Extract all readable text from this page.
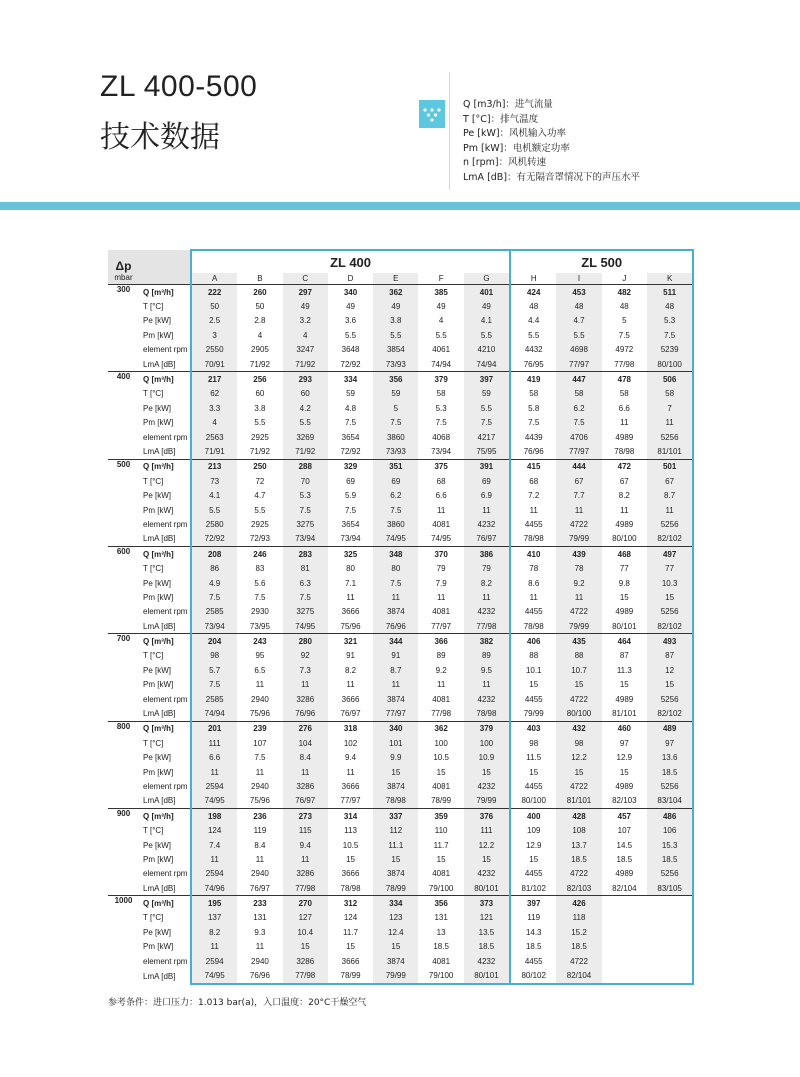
ZL 400-500
技术数据
Q [m3/h]：进气流量
T [°C]：排气温度
Pe [kW]：风机输入功率
Pm [kW]：电机额定功率
n [rpm]：风机转速
LmA [dB]：有无隔音罩情况下的声压水平
Δp		ZL 400							ZL 500			
mbar		A	B	C	D	E	F	G	H	I	J	K
300	Q [m³/h]	222	260	297	340	362	385	401	424	453	482	511
	T [°C]	50	50	49	49	49	49	49	48	48	48	48
	Pe [kW]	2.5	2.8	3.2	3.6	3.8	4	4.1	4.4	4.7	5	5.3
	Pm [kW]	3	4	4	5.5	5.5	5.5	5.5	5.5	5.5	7.5	7.5
	element rpm	2550	2905	3247	3648	3854	4061	4210	4432	4698	4972	5239
	LmA [dB]	70/91	71/92	71/92	72/92	73/93	74/94	74/94	76/95	77/97	77/98	80/100
400	Q [m³/h]	217	256	293	334	356	379	397	419	447	478	506
	T [°C]	62	60	60	59	59	58	59	58	58	58	58
	Pe [kW]	3.3	3.8	4.2	4.8	5	5.3	5.5	5.8	6.2	6.6	7
	Pm [kW]	4	5.5	5.5	7.5	7.5	7.5	7.5	7.5	7.5	11	11
	element rpm	2563	2925	3269	3654	3860	4068	4217	4439	4706	4989	5256
	LmA [dB]	71/91	71/92	71/92	72/92	73/93	73/94	75/95	76/96	77/97	78/98	81/101
500	Q [m³/h]	213	250	288	329	351	375	391	415	444	472	501
	T [°C]	73	72	70	69	69	68	69	68	67	67	67
	Pe [kW]	4.1	4.7	5.3	5.9	6.2	6.6	6.9	7.2	7.7	8.2	8.7
	Pm [kW]	5.5	5.5	7.5	7.5	7.5	11	11	11	11	11	11
	element rpm	2580	2925	3275	3654	3860	4081	4232	4455	4722	4989	5256
	LmA [dB]	72/92	72/93	73/94	73/94	74/95	74/95	76/97	78/98	79/99	80/100	82/102
600	Q [m³/h]	208	246	283	325	348	370	386	410	439	468	497
	T [°C]	86	83	81	80	80	79	79	78	78	77	77
	Pe [kW]	4.9	5.6	6.3	7.1	7.5	7.9	8.2	8.6	9.2	9.8	10.3
	Pm [kW]	7.5	7.5	7.5	11	11	11	11	11	11	15	15
	element rpm	2585	2930	3275	3666	3874	4081	4232	4455	4722	4989	5256
	LmA [dB]	73/94	73/95	74/95	75/96	76/96	77/97	77/98	78/98	79/99	80/101	82/102
700	Q [m³/h]	204	243	280	321	344	366	382	406	435	464	493
	T [°C]	98	95	92	91	91	89	89	88	88	87	87
	Pe [kW]	5.7	6.5	7.3	8.2	8.7	9.2	9.5	10.1	10.7	11.3	12
	Pm [kW]	7.5	11	11	11	11	11	11	15	15	15	15
	element rpm	2585	2940	3286	3666	3874	4081	4232	4455	4722	4989	5256
	LmA [dB]	74/94	75/96	76/96	76/97	77/97	77/98	78/98	79/99	80/100	81/101	82/102
800	Q [m³/h]	201	239	276	318	340	362	379	403	432	460	489
	T [°C]	111	107	104	102	101	100	100	98	98	97	97
	Pe [kW]	6.6	7.5	8.4	9.4	9.9	10.5	10.9	11.5	12.2	12.9	13.6
	Pm [kW]	11	11	11	11	15	15	15	15	15	15	18.5
	element rpm	2594	2940	3286	3666	3874	4081	4232	4455	4722	4989	5256
	LmA [dB]	74/95	75/96	76/97	77/97	78/98	78/99	79/99	80/100	81/101	82/103	83/104
900	Q [m³/h]	198	236	273	314	337	359	376	400	428	457	486
	T [°C]	124	119	115	113	112	110	111	109	108	107	106
	Pe [kW]	7.4	8.4	9.4	10.5	11.1	11.7	12.2	12.9	13.7	14.5	15.3
	Pm [kW]	11	11	11	15	15	15	15	15	18.5	18.5	18.5
	element rpm	2594	2940	3286	3666	3874	4081	4232	4455	4722	4989	5256
	LmA [dB]	74/96	76/97	77/98	78/98	78/99	79/100	80/101	81/102	82/103	82/104	83/105
1000	Q [m³/h]	195	233	270	312	334	356	373	397	426		
	T [°C]	137	131	127	124	123	131	121	119	118		
	Pe [kW]	8.2	9.3	10.4	11.7	12.4	13	13.5	14.3	15.2		
	Pm [kW]	11	11	15	15	15	18.5	18.5	18.5	18.5		
	element rpm	2594	2940	3286	3666	3874	4081	4232	4455	4722		
	LmA [dB]	74/95	76/96	77/98	78/99	79/99	79/100	80/101	80/102	82/104		
参考条件：进口压力：1.013 bar(a)，入口温度：20°C干燥空气
